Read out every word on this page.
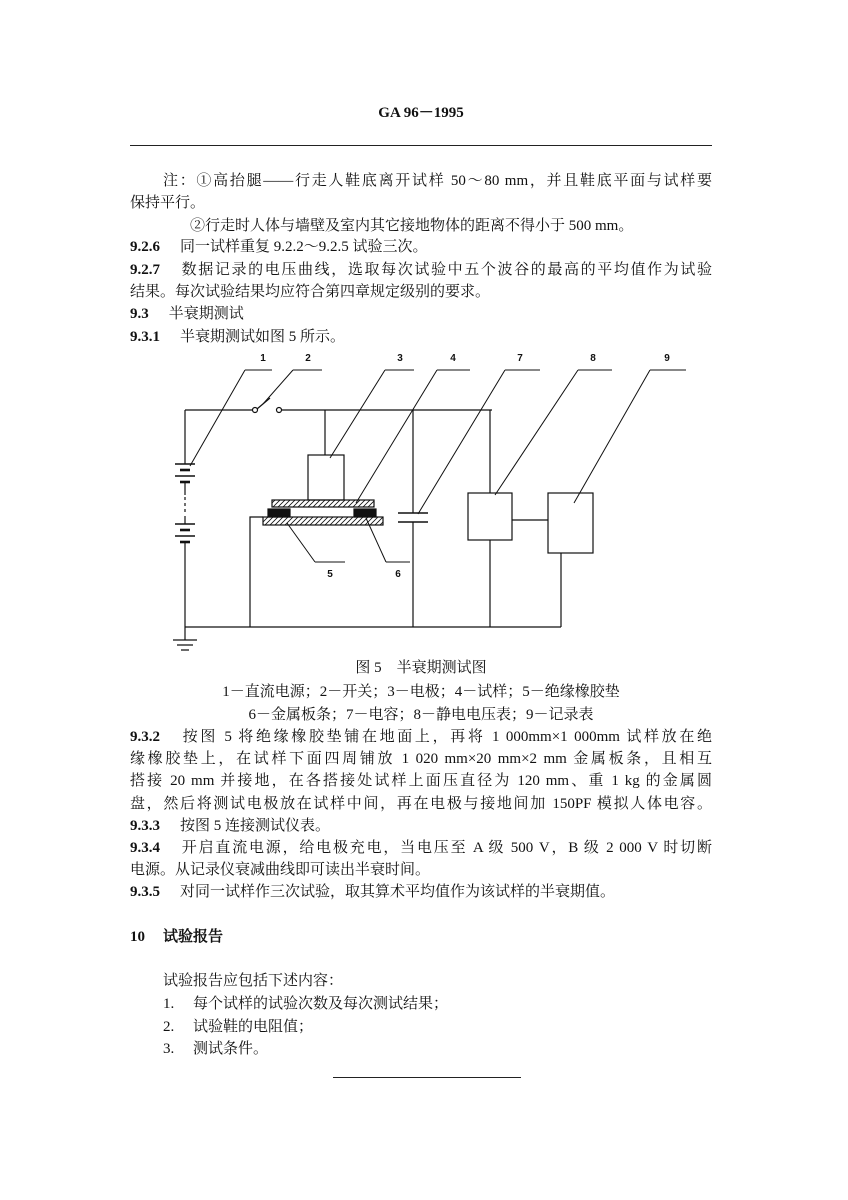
GA 96－1995
注：①高抬腿——行走人鞋底离开试样 50～80 mm，并且鞋底平面与试样要
保持平行。
②行走时人体与墙壁及室内其它接地物体的距离不得小于 500 mm。
9.2.6 同一试样重复 9.2.2～9.2.5 试验三次。
9.2.7 数据记录的电压曲线，选取每次试验中五个波谷的最高的平均值作为试验
结果。每次试验结果均应符合第四章规定级别的要求。
9.3 半衰期测试
9.3.1 半衰期测试如图 5 所示。
1	2	3	4
5	6
7	8	9
图 5　半衰期测试图
1－直流电源；2－开关；3－电极；4－试样；5－绝缘橡胶垫
6－金属板条；7－电容；8－静电电压表；9－记录表
9.3.2 按图 5 将绝缘橡胶垫铺在地面上，再将 1 000mm×1 000mm 试样放在绝
缘橡胶垫上，在试样下面四周铺放 1 020 mm×20 mm×2 mm 金属板条，且相互
搭接 20 mm 并接地，在各搭接处试样上面压直径为 120 mm、重 1 kg 的金属圆
盘，然后将测试电极放在试样中间，再在电极与接地间加 150PF 模拟人体电容。
9.3.3 按图 5 连接测试仪表。
9.3.4 开启直流电源，给电极充电，当电压至 A 级 500 V，B 级 2 000 V 时切断
电源。从记录仪衰减曲线即可读出半衰时间。
9.3.5 对同一试样作三次试验，取其算术平均值作为该试样的半衰期值。
10 试验报告
试验报告应包括下述内容：
1. 每个试样的试验次数及每次测试结果；
2. 试验鞋的电阻值；
3. 测试条件。
